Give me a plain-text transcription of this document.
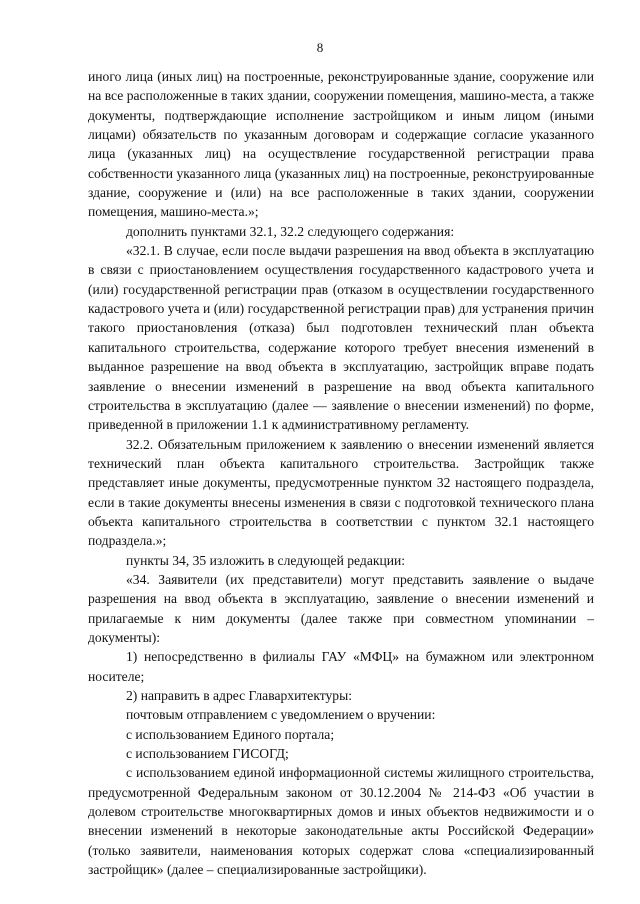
8

иного лица (иных лиц) на построенные, реконструированные здание, сооружение или на все расположенные в таких здании, сооружении помещения, машино-места, а также документы, подтверждающие исполнение застройщиком и иным лицом (иными лицами) обязательств по указанным договорам и содержащие согласие указанного лица (указанных лиц) на осуществление государственной регистрации права собственности указанного лица (указанных лиц) на построенные, реконструированные здание, сооружение и (или) на все расположенные в таких здании, сооружении помещения, машино-места.»;

дополнить пунктами 32.1, 32.2 следующего содержания:

«32.1. В случае, если после выдачи разрешения на ввод объекта в эксплуатацию в связи с приостановлением осуществления государственного кадастрового учета и (или) государственной регистрации прав (отказом в осуществлении государственного кадастрового учета и (или) государственной регистрации прав) для устранения причин такого приостановления (отказа) был подготовлен технический план объекта капитального строительства, содержание которого требует внесения изменений в выданное разрешение на ввод объекта в эксплуатацию, застройщик вправе подать заявление о внесении изменений в разрешение на ввод объекта капитального строительства в эксплуатацию (далее — заявление о внесении изменений) по форме, приведенной в приложении 1.1 к административному регламенту.

32.2. Обязательным приложением к заявлению о внесении изменений является технический план объекта капитального строительства. Застройщик также представляет иные документы, предусмотренные пунктом 32 настоящего подраздела, если в такие документы внесены изменения в связи с подготовкой технического плана объекта капитального строительства в соответствии с пунктом 32.1 настоящего подраздела.»;

пункты 34, 35 изложить в следующей редакции:

«34. Заявители (их представители) могут представить заявление о выдаче разрешения на ввод объекта в эксплуатацию, заявление о внесении изменений и прилагаемые к ним документы (далее также при совместном упоминании – документы):

1) непосредственно в филиалы ГАУ «МФЦ» на бумажном или электронном носителе;

2) направить в адрес Главархитектуры:

почтовым отправлением с уведомлением о вручении:

с использованием Единого портала;

с использованием ГИСОГД;

с использованием единой информационной системы жилищного строительства, предусмотренной Федеральным законом от 30.12.2004 № 214-ФЗ «Об участии в долевом строительстве многоквартирных домов и иных объектов недвижимости и о внесении изменений в некоторые законодательные акты Российской Федерации» (только заявители, наименования которых содержат слова «специализированный застройщик» (далее – специализированные застройщики).
